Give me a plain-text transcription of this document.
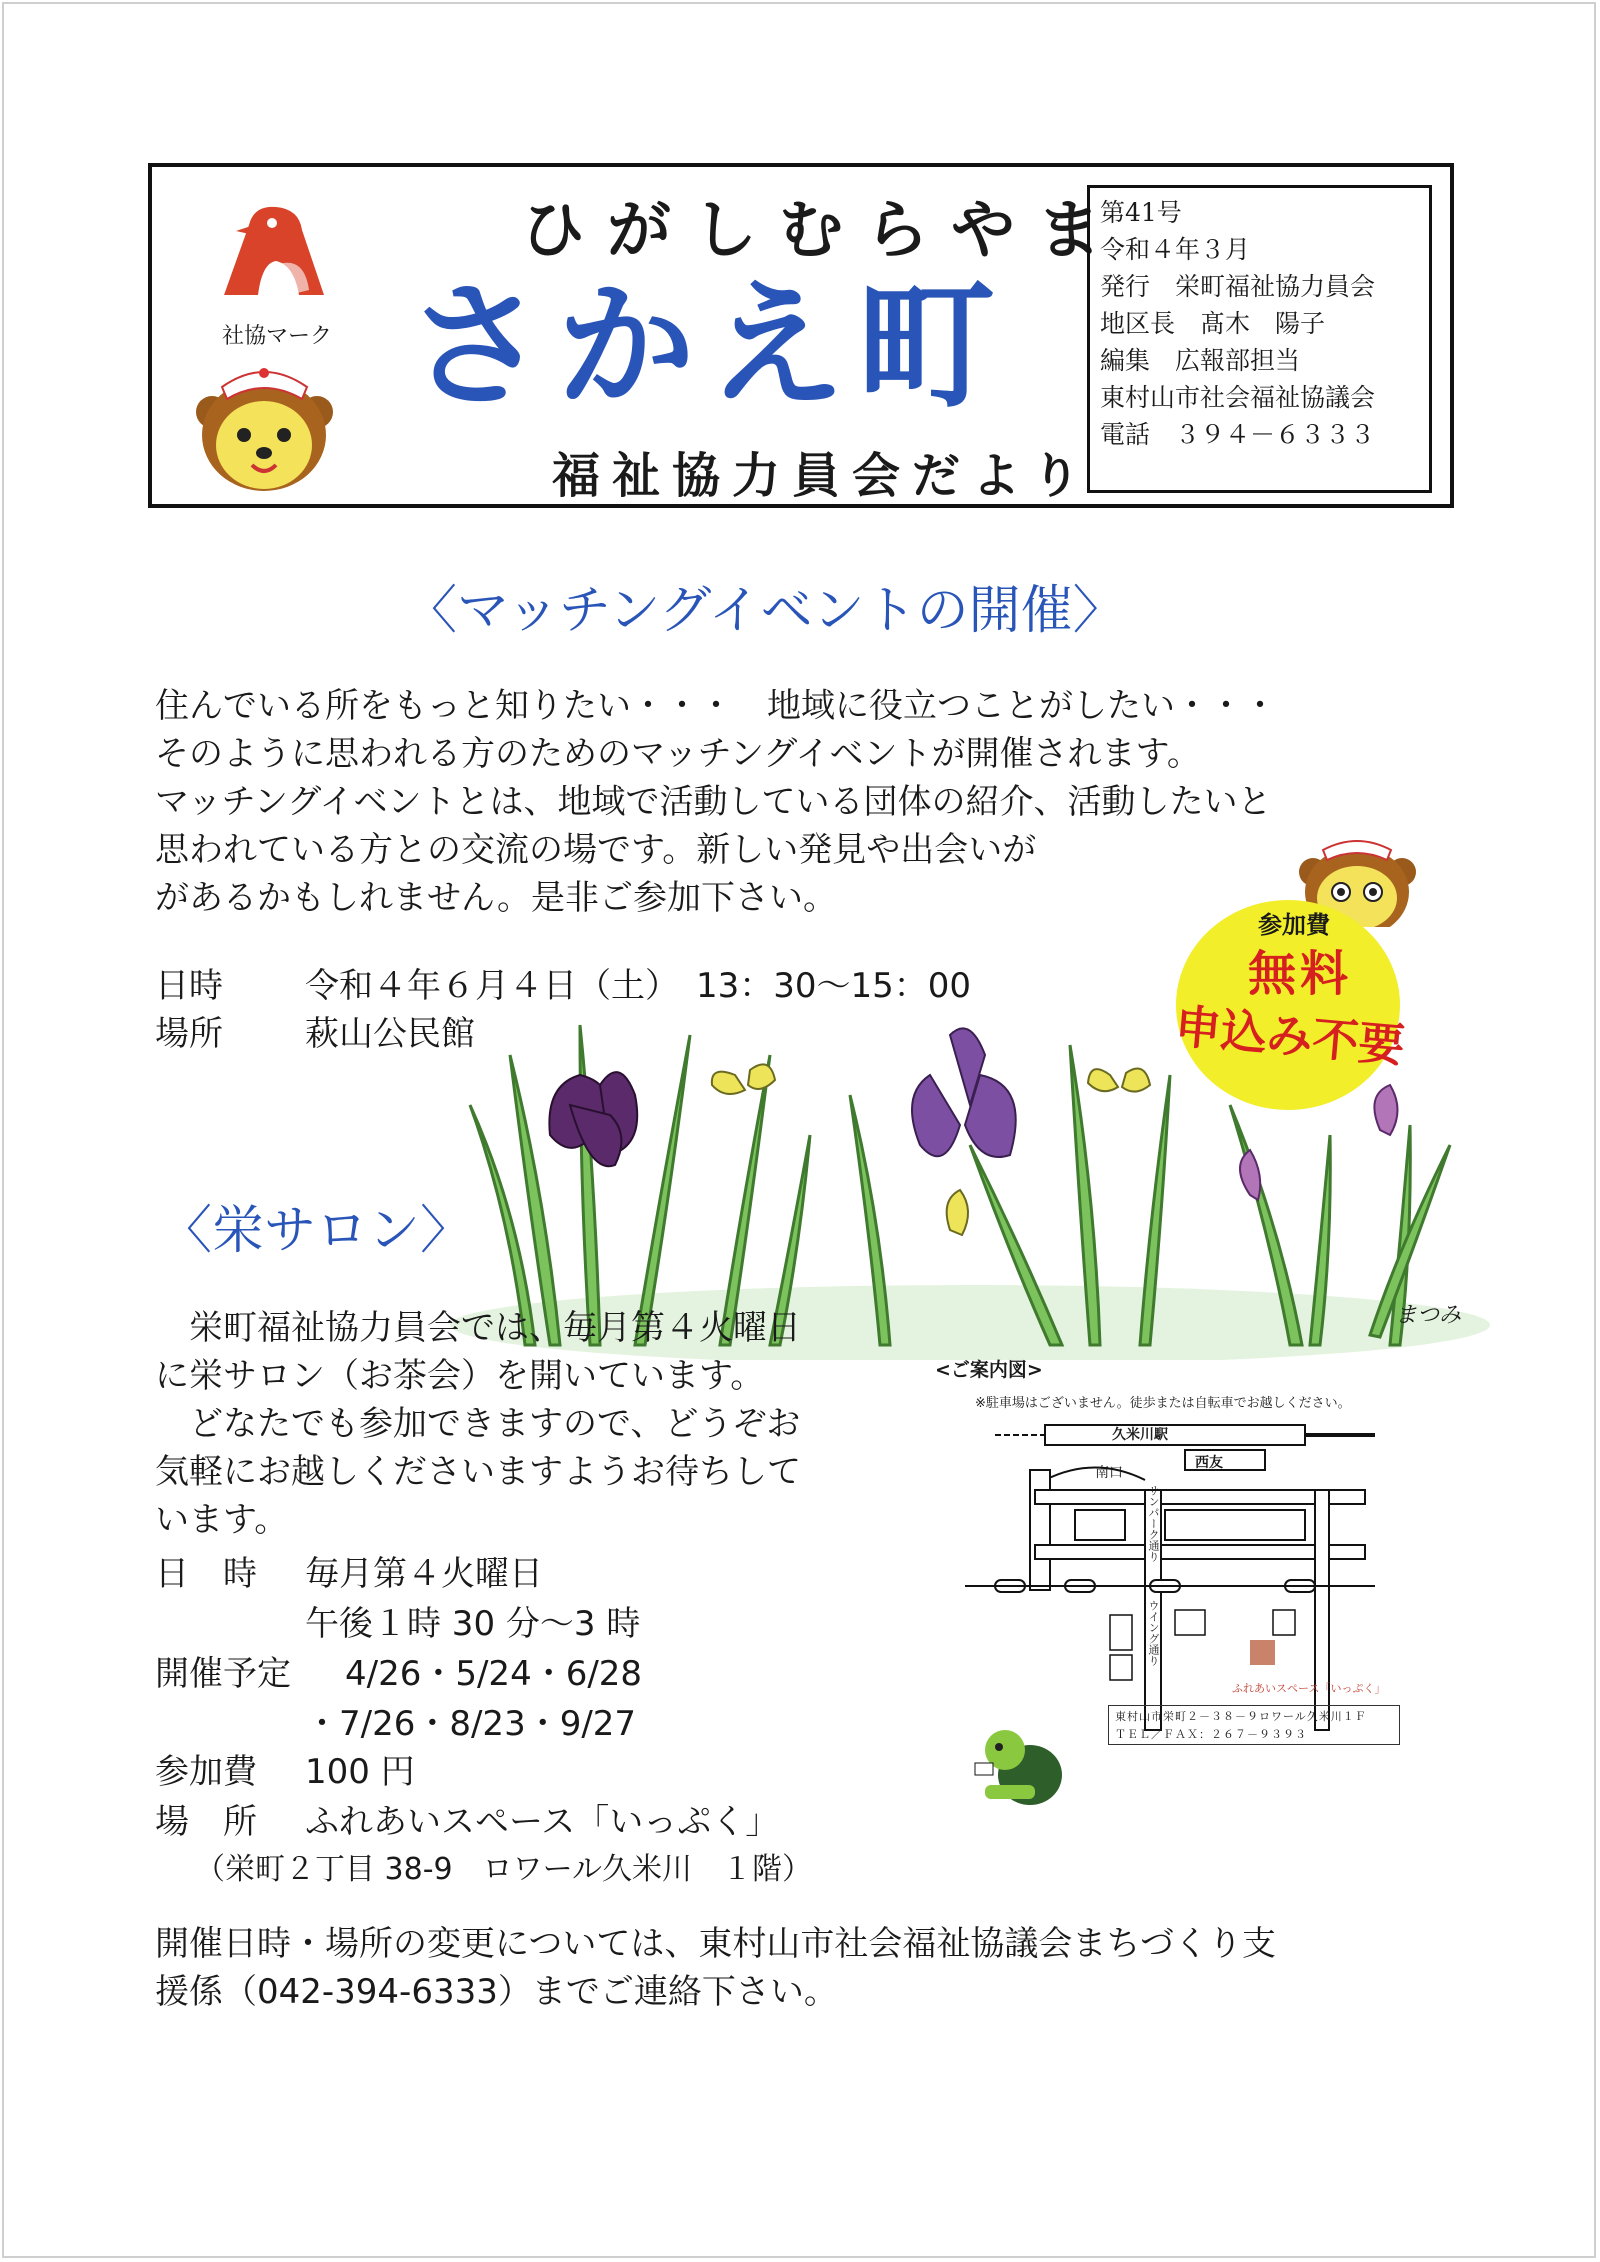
社協マーク
ひがしむらやま
さかえ町
福祉協力員会だより
第41号
令和４年３月
発行　栄町福祉協力員会
地区長　髙木　陽子
編集　広報部担当
東村山市社会福祉協議会
電話　３９４－６３３３
〈マッチングイベントの開催〉
住んでいる所をもっと知りたい・・・　地域に役立つことがしたい・・・
そのように思われる方のためのマッチングイベントが開催されます。
マッチングイベントとは、地域で活動している団体の紹介、活動したいと
思われている方との交流の場です。新しい発見や出会いが
があるかもしれません。是非ご参加下さい。
日時 令和４年６月４日（土）　13：30～15：00
場所 萩山公民館
参加費
無料
申込み不要
まつみ
〈栄サロン〉
　栄町福祉協力員会では、毎月第４火曜日
に栄サロン（お茶会）を開いています。
　どなたでも参加できますので、どうぞお
気軽にお越しくださいますようお待ちして
います。
日　時 毎月第４火曜日
午後１時 30 分～3 時
開催予定 4/26・5/24・6/28
・7/26・8/23・9/27
参加費 100 円
場　所 ふれあいスペース「いっぷく」
（栄町２丁目 38-9　ロワール久米川　１階）
<ご案内図>
※駐車場はございません。徒歩または自転車でお越しください。
久米川駅
西友
南口
サンパーク通り
ウイング通り
ふれあいスペース「いっぷく」
東村山市栄町２－３８－９ロワール久米川１Ｆ
ＴＥＬ／ＦＡＸ：２６７－９３９３
開催日時・場所の変更については、東村山市社会福祉協議会まちづくり支
援係（042-394-6333）までご連絡下さい。
